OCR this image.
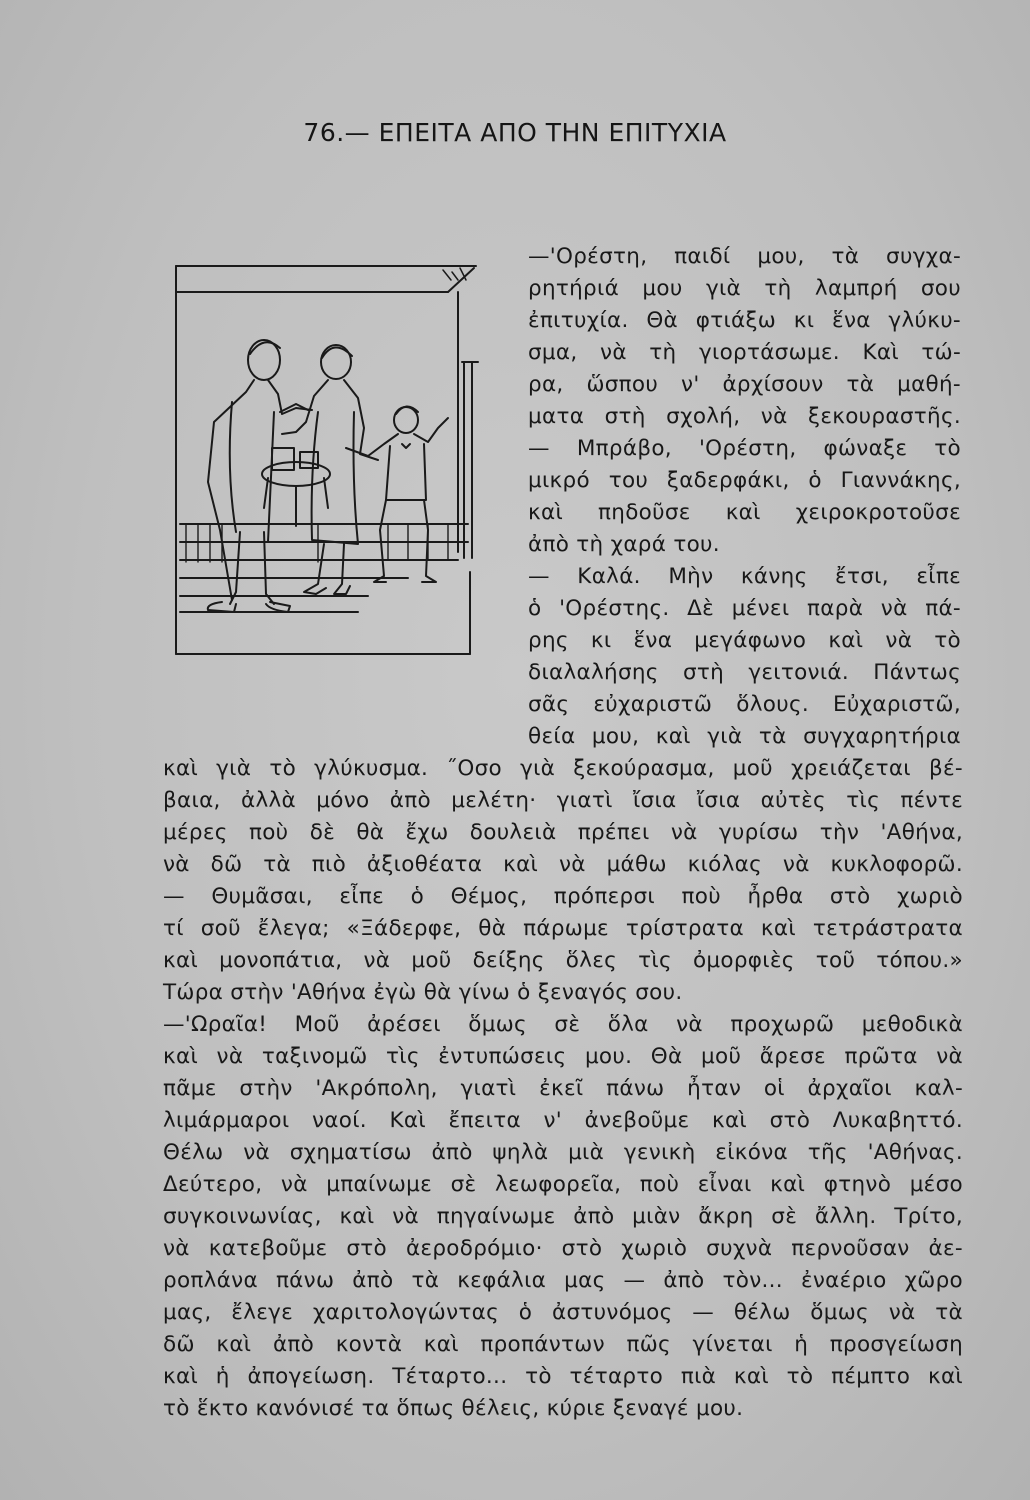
76.— ΕΠΕΙΤΑ ΑΠΟ ΤΗΝ ΕΠΙΤΥΧΙΑ
—'Ορέστη, παιδί μου, τὰ συγχα-
ρητήριά μου γιὰ τὴ λαμπρή σου
ἐπιτυχία. Θὰ φτιάξω κι ἕνα γλύκυ-
σμα, νὰ τὴ γιορτάσωμε. Καὶ τώ-
ρα, ὥσπου ν' ἀρχίσουν τὰ μαθή-
ματα στὴ σχολή, νὰ ξεκουραστῆς.
— Μπράβο, 'Ορέστη, φώναξε τὸ
μικρό του ξαδερφάκι, ὁ Γιαννάκης,
καὶ πηδοῦσε καὶ χειροκροτοῦσε
ἀπὸ τὴ χαρά του.
— Καλά. Μὴν κάνης ἔτσι, εἶπε
ὁ 'Ορέστης. Δὲ μένει παρὰ νὰ πά-
ρης κι ἕνα μεγάφωνο καὶ νὰ τὸ
διαλαλήσης στὴ γειτονιά. Πάντως
σᾶς εὐχαριστῶ ὅλους. Εὐχαριστῶ,
θεία μου, καὶ γιὰ τὰ συγχαρητήρια
καὶ γιὰ τὸ γλύκυσμα. ˝Οσο γιὰ ξεκούρασμα, μοῦ χρειάζεται βέ-
βαια, ἀλλὰ μόνο ἀπὸ μελέτη· γιατὶ ἴσια ἴσια αὐτὲς τὶς πέντε
μέρες ποὺ δὲ θὰ ἔχω δουλειὰ πρέπει νὰ γυρίσω τὴν 'Αθήνα,
νὰ δῶ τὰ πιὸ ἀξιοθέατα καὶ νὰ μάθω κιόλας νὰ κυκλοφορῶ.
— Θυμᾶσαι, εἶπε ὁ Θέμος, πρόπερσι ποὺ ἦρθα στὸ χωριὸ
τί σοῦ ἔλεγα; «Ξάδερφε, θὰ πάρωμε τρίστρατα καὶ τετράστρατα
καὶ μονοπάτια, νὰ μοῦ δείξης ὅλες τὶς ὀμορφιὲς τοῦ τόπου.»
Τώρα στὴν 'Αθήνα ἐγὼ θὰ γίνω ὁ ξεναγός σου.
—'Ωραῖα! Μοῦ ἀρέσει ὅμως σὲ ὅλα νὰ προχωρῶ μεθοδικὰ
καὶ νὰ ταξινομῶ τὶς ἐντυπώσεις μου. Θὰ μοῦ ἄρεσε πρῶτα νὰ
πᾶμε στὴν 'Ακρόπολη, γιατὶ ἐκεῖ πάνω ἦταν οἱ ἀρχαῖοι καλ-
λιμάρμαροι ναοί. Καὶ ἔπειτα ν' ἀνεβοῦμε καὶ στὸ Λυκαβηττό.
Θέλω νὰ σχηματίσω ἀπὸ ψηλὰ μιὰ γενικὴ εἰκόνα τῆς 'Αθήνας.
Δεύτερο, νὰ μπαίνωμε σὲ λεωφορεῖα, ποὺ εἶναι καὶ φτηνὸ μέσο
συγκοινωνίας, καὶ νὰ πηγαίνωμε ἀπὸ μιὰν ἄκρη σὲ ἄλλη. Τρίτο,
νὰ κατεβοῦμε στὸ ἀεροδρόμιο· στὸ χωριὸ συχνὰ περνοῦσαν ἀε-
ροπλάνα πάνω ἀπὸ τὰ κεφάλια μας — ἀπὸ τὸν... ἐναέριο χῶρο
μας, ἔλεγε χαριτολογώντας ὁ ἀστυνόμος — θέλω ὅμως νὰ τὰ
δῶ καὶ ἀπὸ κοντὰ καὶ προπάντων πῶς γίνεται ἡ προσγείωση
καὶ ἡ ἀπογείωση. Τέταρτο... τὸ τέταρτο πιὰ καὶ τὸ πέμπτο καὶ
τὸ ἕκτο κανόνισέ τα ὅπως θέλεις, κύριε ξεναγέ μου.
